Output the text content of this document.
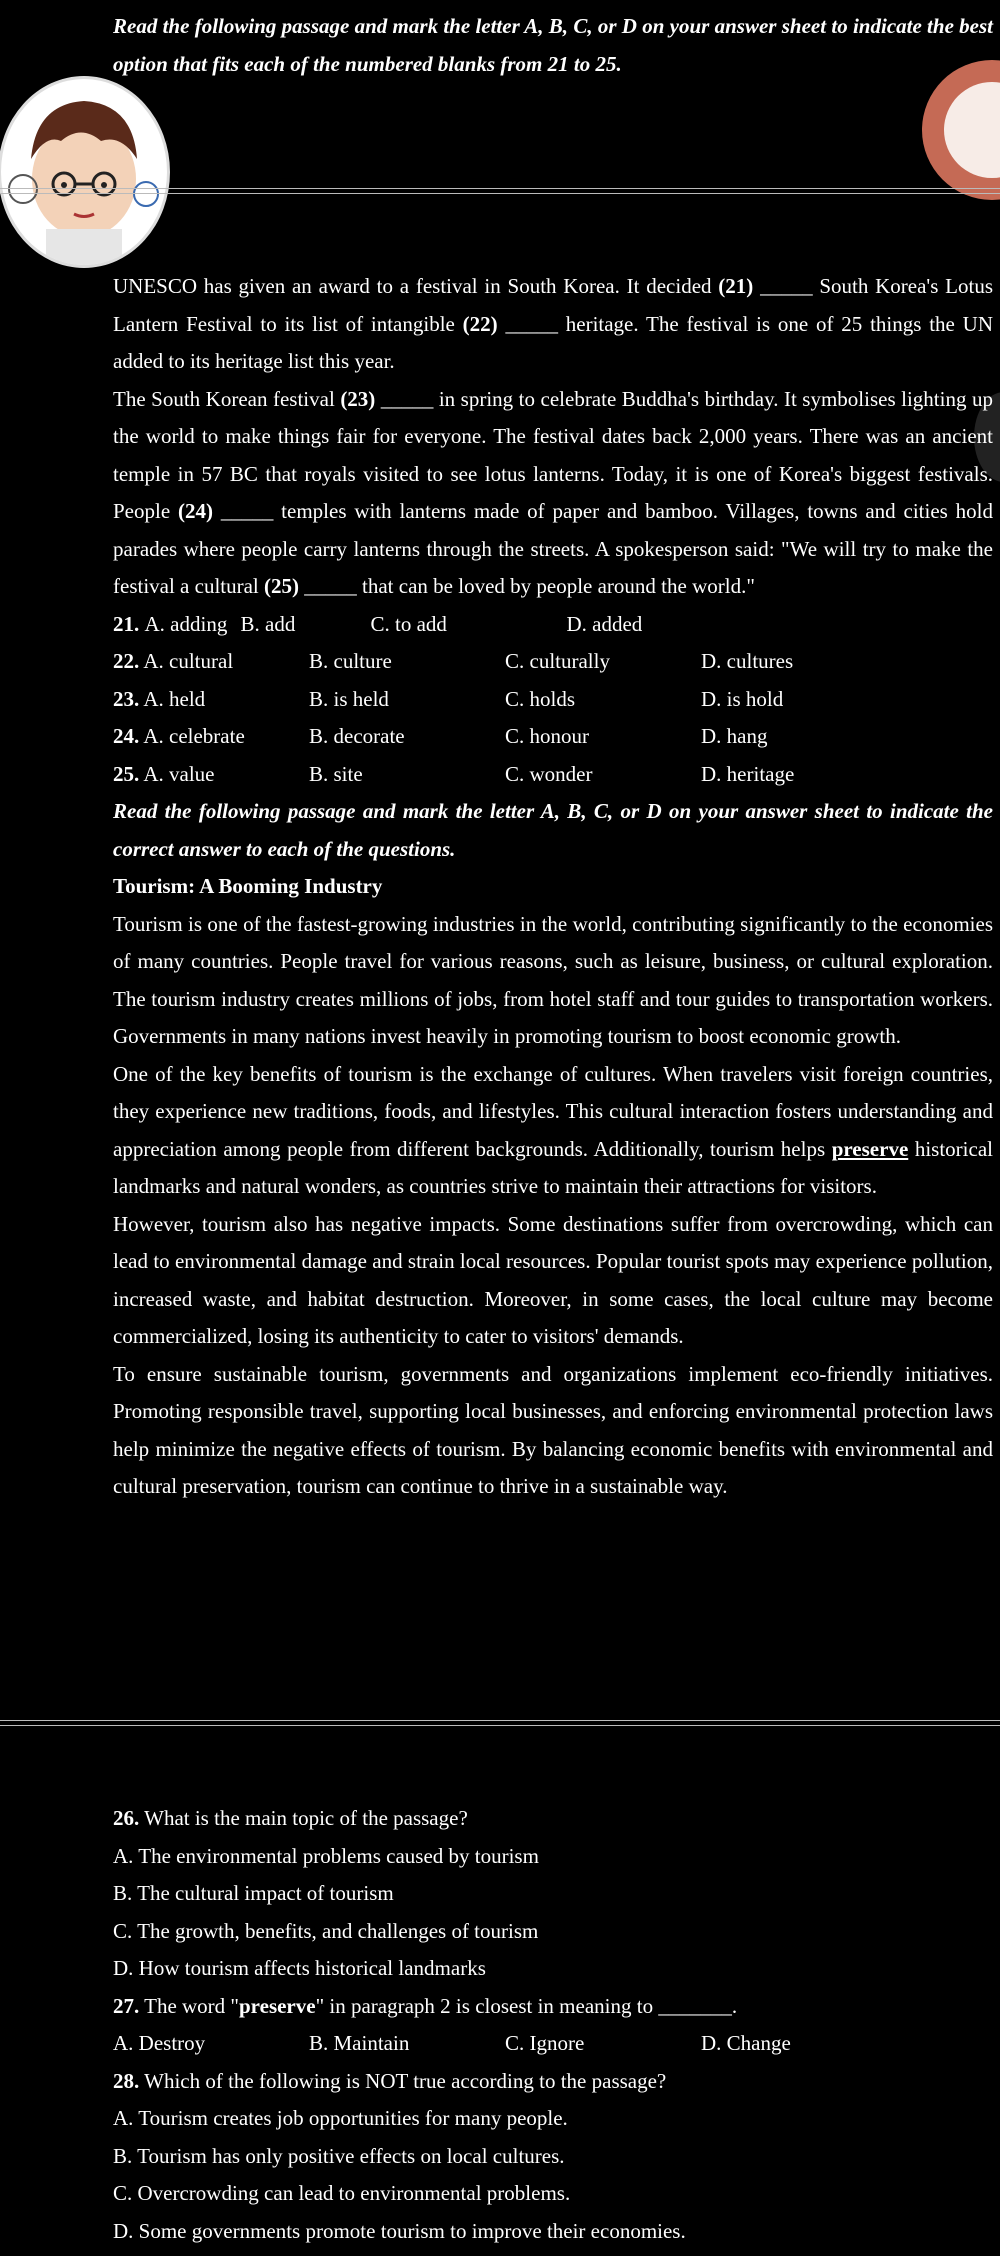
Read the following passage and mark the letter A, B, C, or D on your answer sheet to indicate the best option that fits each of the numbered blanks from 21 to 25.

UNESCO has given an award to a festival in South Korea. It decided (21) _____ South Korea's Lotus Lantern Festival to its list of intangible (22) _____ heritage. The festival is one of 25 things the UN added to its heritage list this year.

The South Korean festival (23) _____ in spring to celebrate Buddha's birthday. It symbolises lighting up the world to make things fair for everyone. The festival dates back 2,000 years. There was an ancient temple in 57 BC that royals visited to see lotus lanterns. Today, it is one of Korea's biggest festivals. People (24) _____ temples with lanterns made of paper and bamboo. Villages, towns and cities hold parades where people carry lanterns through the streets. A spokesperson said: "We will try to make the festival a cultural (25) _____ that can be loved by people around the world."

21.
A. adding B. add	C. to add	D. added
22. A. cultural	B. culture	C. culturally	D. cultures
23. A. held	B. is held	C. holds	D. is hold
24. A. celebrate	B. decorate	C. honour	D. hang
25. A. value	B. site	C. wonder	D. heritage

Read the following passage and mark the letter A, B, C, or D on your answer sheet to indicate the correct answer to each of the questions.

Tourism: A Booming Industry

Tourism is one of the fastest-growing industries in the world, contributing significantly to the economies of many countries. People travel for various reasons, such as leisure, business, or cultural exploration. The tourism industry creates millions of jobs, from hotel staff and tour guides to transportation workers. Governments in many nations invest heavily in promoting tourism to boost economic growth.

One of the key benefits of tourism is the exchange of cultures. When travelers visit foreign countries, they experience new traditions, foods, and lifestyles. This cultural interaction fosters understanding and appreciation among people from different backgrounds. Additionally, tourism helps preserve historical landmarks and natural wonders, as countries strive to maintain their attractions for visitors.

However, tourism also has negative impacts. Some destinations suffer from overcrowding, which can lead to environmental damage and strain local resources. Popular tourist spots may experience pollution, increased waste, and habitat destruction. Moreover, in some cases, the local culture may become commercialized, losing its authenticity to cater to visitors' demands.

To ensure sustainable tourism, governments and organizations implement eco-friendly initiatives. Promoting responsible travel, supporting local businesses, and enforcing environmental protection laws help minimize the negative effects of tourism. By balancing economic benefits with environmental and cultural preservation, tourism can continue to thrive in a sustainable way.

26. What is the main topic of the passage?

A. The environmental problems caused by tourism

B. The cultural impact of tourism

C. The growth, benefits, and challenges of tourism

D. How tourism affects historical landmarks

27. The word "preserve" in paragraph 2 is closest in meaning to _______.

A. Destroy	B. Maintain	C. Ignore	D. Change

28. Which of the following is NOT true according to the passage?

A. Tourism creates job opportunities for many people.

B. Tourism has only positive effects on local cultures.

C. Overcrowding can lead to environmental problems.

D. Some governments promote tourism to improve their economies.
